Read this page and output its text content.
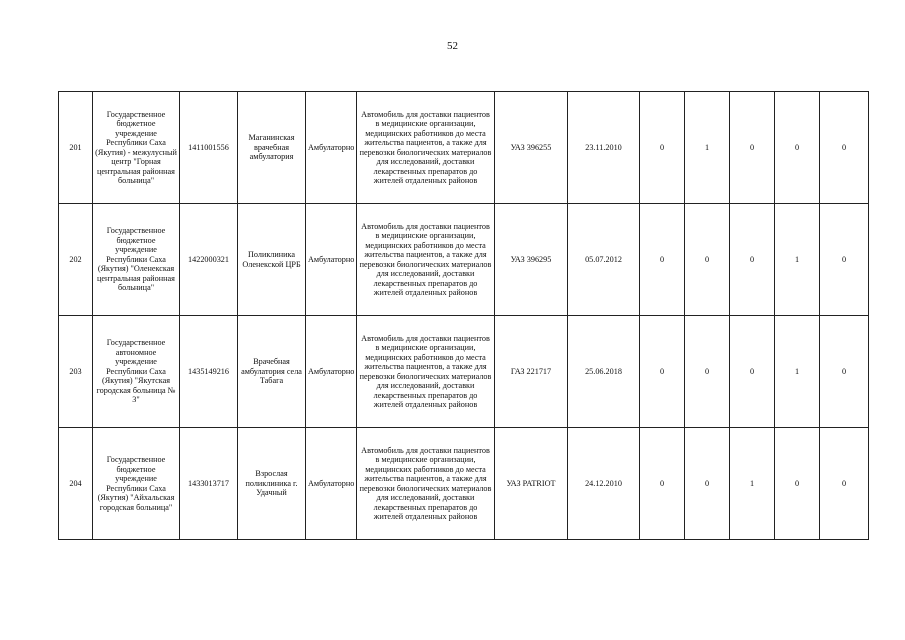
52
201	Государственное бюджетное учреждение Республики Саха (Якутия) - межулусный центр "Горная центральная районная больница"	1411001556	Маганинская врачебная амбулатория	Амбулаторно	Автомобиль для доставки пациентов в медицинские организации, медицинских работников до места жительства пациентов, а также для перевозки биологических материалов для исследований, доставки лекарственных препаратов до жителей отдаленных районов	УАЗ 396255	23.11.2010	0	1	0	0	0
202	Государственное бюджетное учреждение Республики Саха (Якутия) "Оленекская центральная районная больница"	1422000321	Поликлиника Оленекской ЦРБ	Амбулаторно	Автомобиль для доставки пациентов в медицинские организации, медицинских работников до места жительства пациентов, а также для перевозки биологических материалов для исследований, доставки лекарственных препаратов до жителей отдаленных районов	УАЗ 396295	05.07.2012	0	0	0	1	0
203	Государственное автономное учреждение Республики Саха (Якутия) "Якутская городская больница № 3"	1435149216	Врачебная амбулатория села Табага	Амбулаторно	Автомобиль для доставки пациентов в медицинские организации, медицинских работников до места жительства пациентов, а также для перевозки биологических материалов для исследований, доставки лекарственных препаратов до жителей отдаленных районов	ГАЗ 221717	25.06.2018	0	0	0	1	0
204	Государственное бюджетное учреждение Республики Саха (Якутия) "Айхальская городская больница"	1433013717	Взрослая поликлиника г. Удачный	Амбулаторно	Автомобиль для доставки пациентов в медицинские организации, медицинских работников до места жительства пациентов, а также для перевозки биологических материалов для исследований, доставки лекарственных препаратов до жителей отдаленных районов	УАЗ PATRIOT	24.12.2010	0	0	1	0	0
